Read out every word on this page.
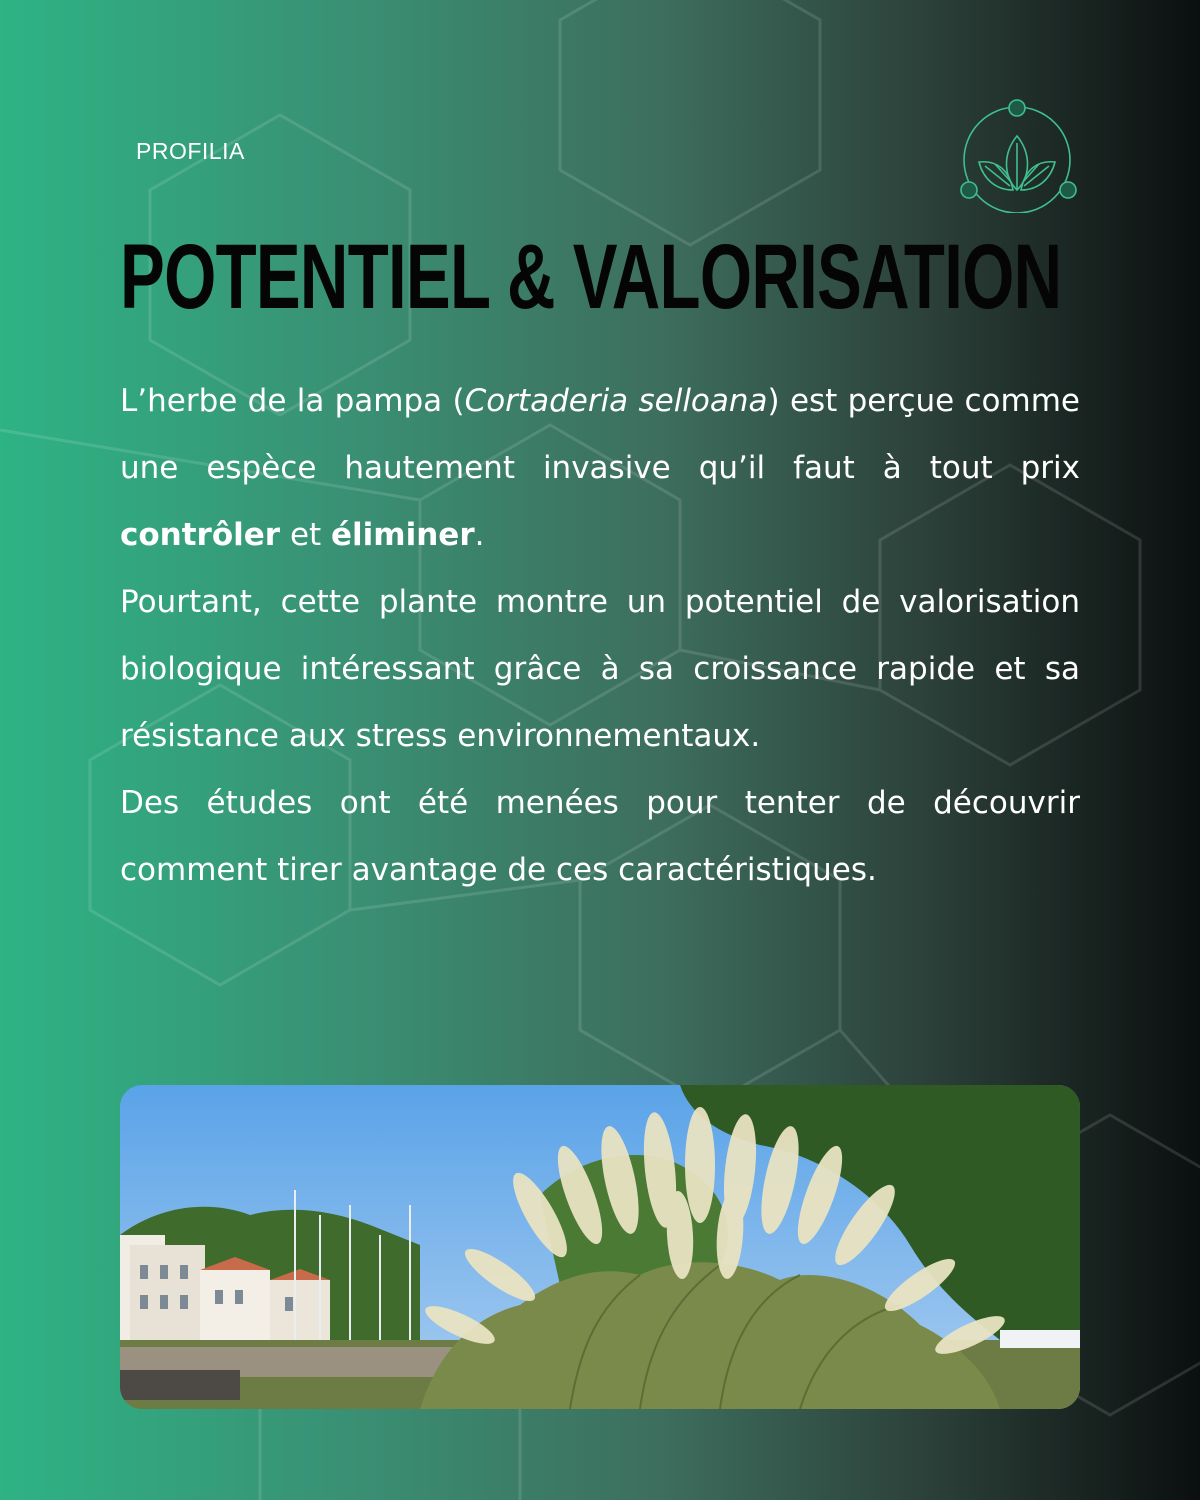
PROFILIA
POTENTIEL & VALORISATION

L’herbe de la pampa (Cortaderia selloana) est perçue comme une espèce hautement invasive qu’il faut à tout prix contrôler et éliminer.

Pourtant, cette plante montre un potentiel de valorisation biologique intéressant grâce à sa croissance rapide et sa résistance aux stress environnementaux.

Des études ont été menées pour tenter de découvrir comment tirer avantage de ces caractéristiques.
